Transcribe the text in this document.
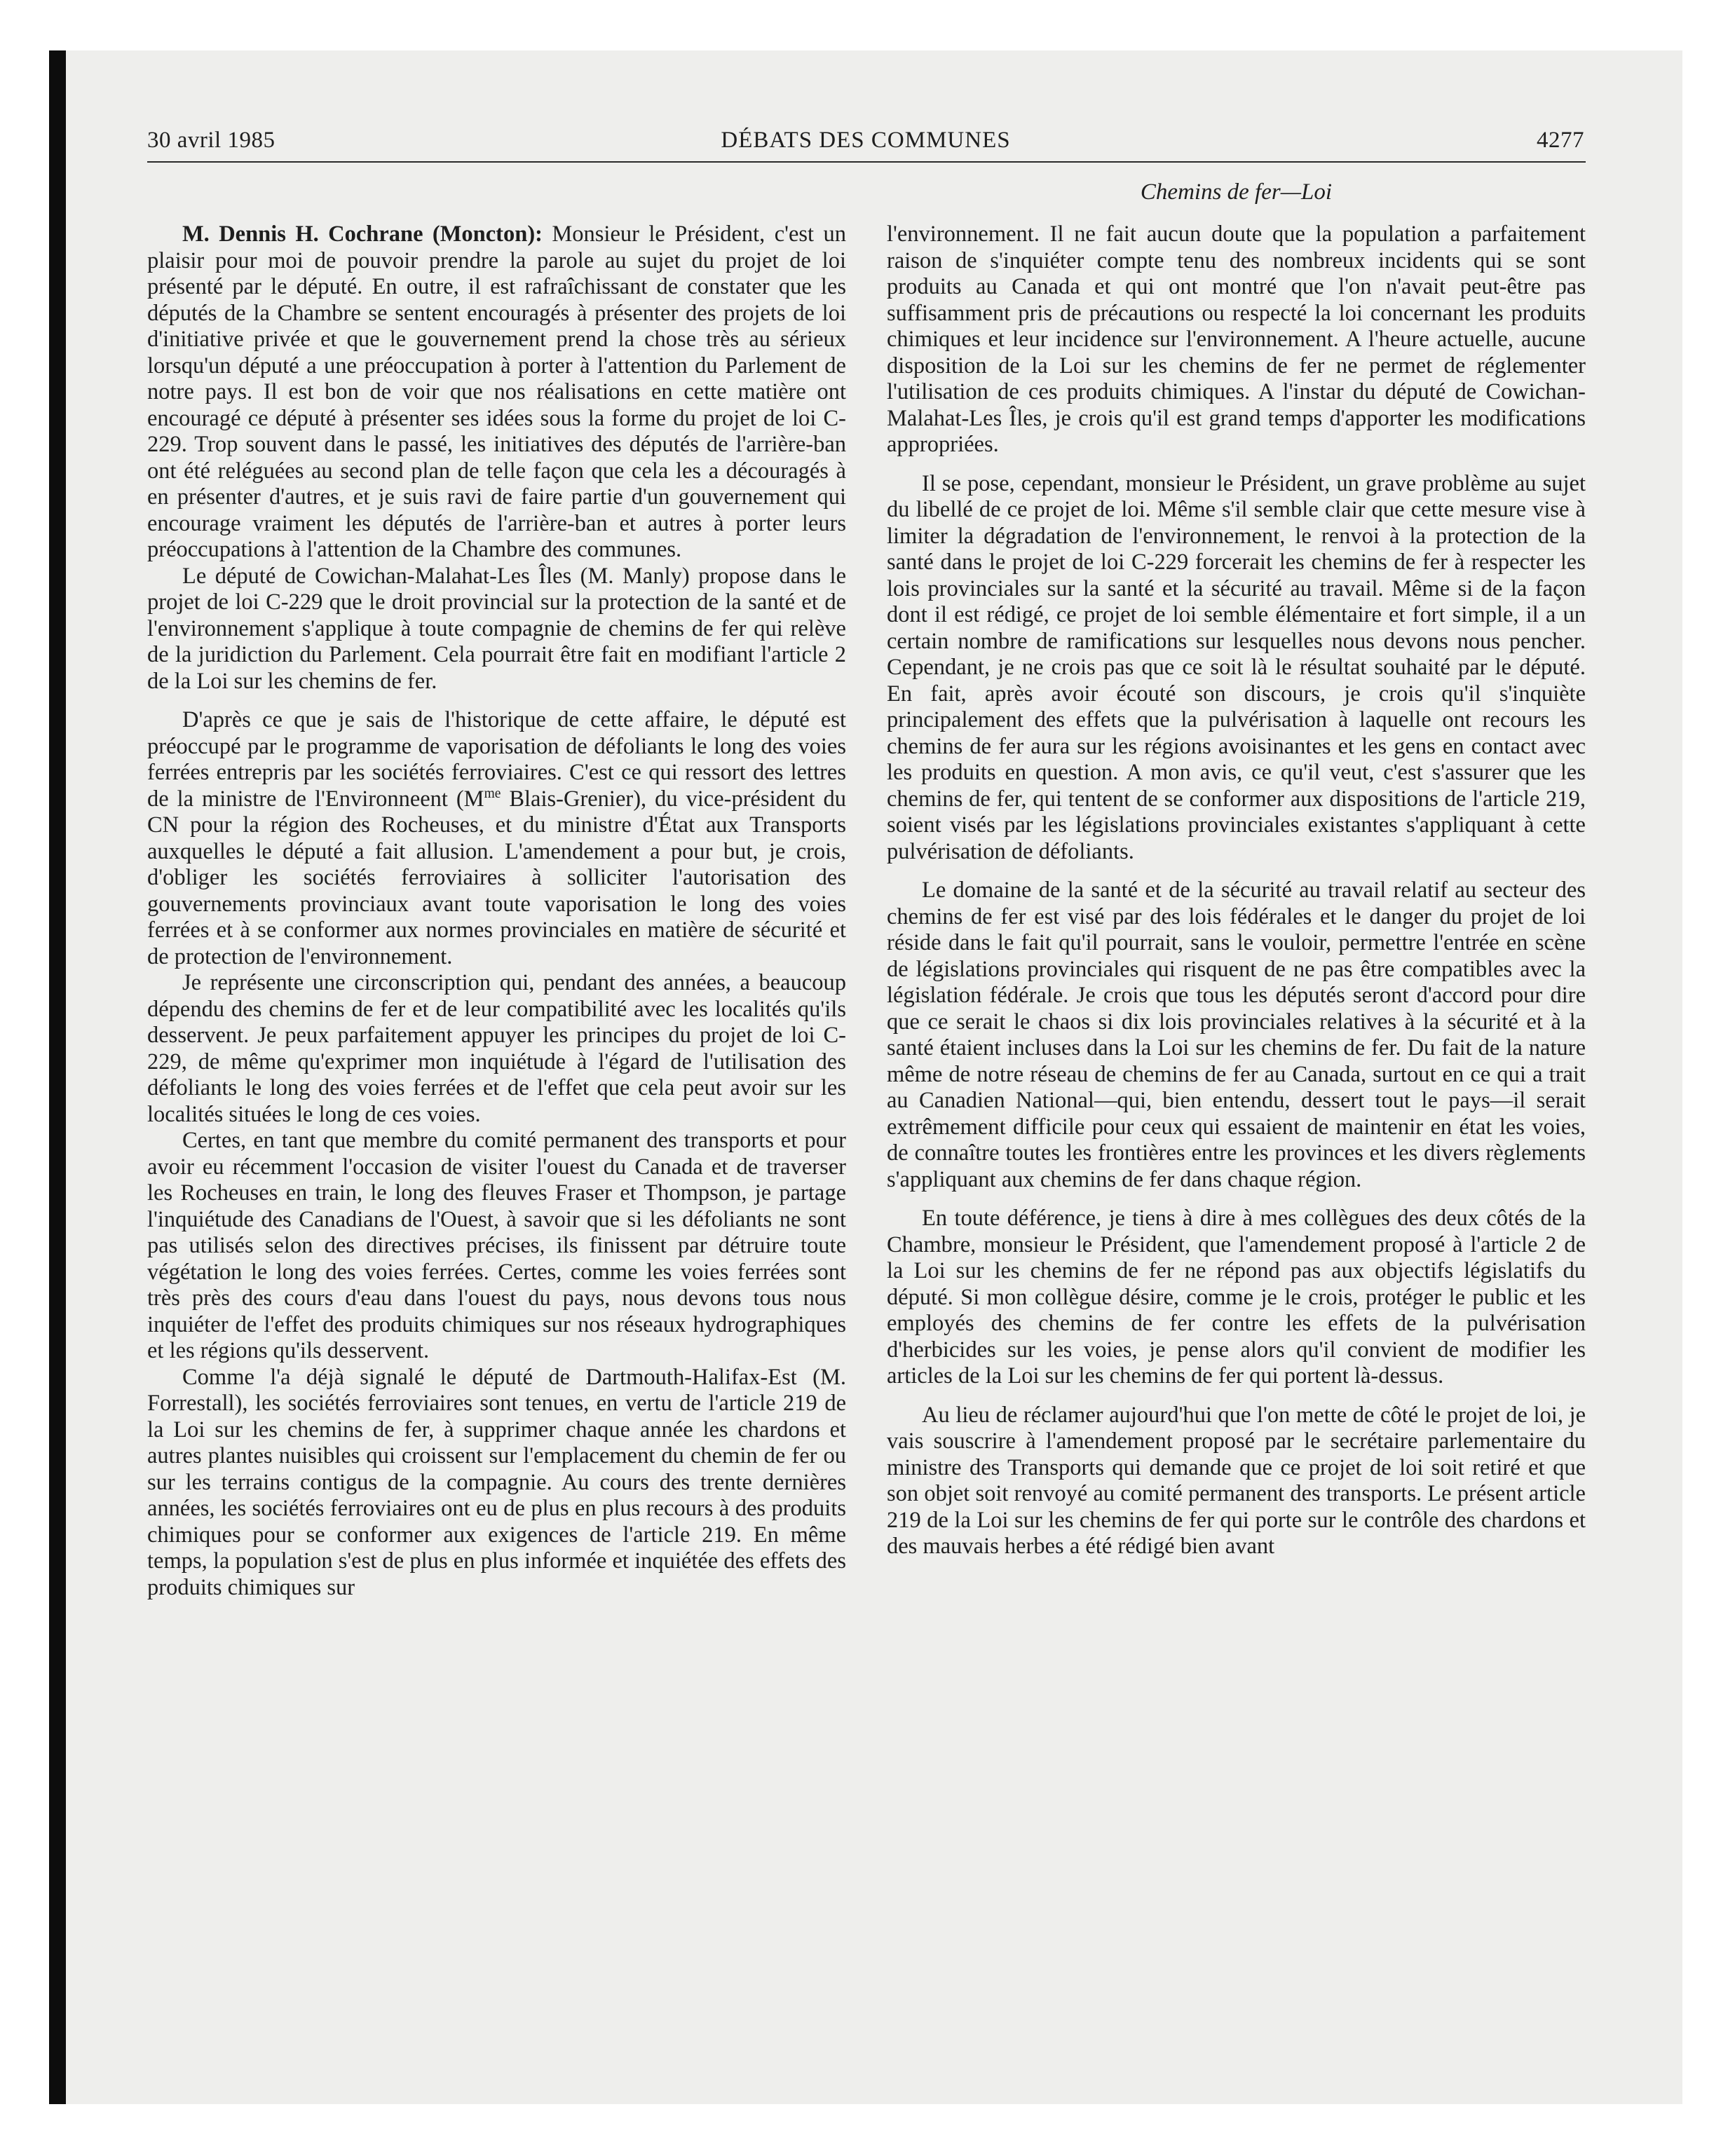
30 avril 1985	DÉBATS DES COMMUNES	4277
Chemins de fer—Loi

M. Dennis H. Cochrane (Moncton): Monsieur le Président, c'est un plaisir pour moi de pouvoir prendre la parole au sujet du projet de loi présenté par le député. En outre, il est rafraîchissant de constater que les députés de la Chambre se sentent encouragés à présenter des projets de loi d'initiative privée et que le gouvernement prend la chose très au sérieux lorsqu'un député a une préoccupation à porter à l'attention du Parlement de notre pays. Il est bon de voir que nos réalisations en cette matière ont encouragé ce député à présenter ses idées sous la forme du projet de loi C-229. Trop souvent dans le passé, les initiatives des députés de l'arrière-ban ont été reléguées au second plan de telle façon que cela les a découragés à en présenter d'autres, et je suis ravi de faire partie d'un gouvernement qui encourage vraiment les députés de l'arrière-ban et autres à porter leurs préoccupations à l'attention de la Chambre des communes.

Le député de Cowichan-Malahat-Les Îles (M. Manly) propose dans le projet de loi C-229 que le droit provincial sur la protection de la santé et de l'environnement s'applique à toute compagnie de chemins de fer qui relève de la juridiction du Parlement. Cela pourrait être fait en modifiant l'article 2 de la Loi sur les chemins de fer.

D'après ce que je sais de l'historique de cette affaire, le député est préoccupé par le programme de vaporisation de défoliants le long des voies ferrées entrepris par les sociétés ferroviaires. C'est ce qui ressort des lettres de la ministre de l'Environneent ($M^{me}$ Blais-Grenier), du vice-président du CN pour la région des Rocheuses, et du ministre d'État aux Transports auxquelles le député a fait allusion. L'amendement a pour but, je crois, d'obliger les sociétés ferroviaires à solliciter l'autorisation des gouvernements provinciaux avant toute vaporisation le long des voies ferrées et à se conformer aux normes provinciales en matière de sécurité et de protection de l'environnement.

Je représente une circonscription qui, pendant des années, a beaucoup dépendu des chemins de fer et de leur compatibilité avec les localités qu'ils desservent. Je peux parfaitement appuyer les principes du projet de loi C-229, de même qu'exprimer mon inquiétude à l'égard de l'utilisation des défoliants le long des voies ferrées et de l'effet que cela peut avoir sur les localités situées le long de ces voies.

Certes, en tant que membre du comité permanent des transports et pour avoir eu récemment l'occasion de visiter l'ouest du Canada et de traverser les Rocheuses en train, le long des fleuves Fraser et Thompson, je partage l'inquiétude des Canadians de l'Ouest, à savoir que si les défoliants ne sont pas utilisés selon des directives précises, ils finissent par détruire toute végétation le long des voies ferrées. Certes, comme les voies ferrées sont très près des cours d'eau dans l'ouest du pays, nous devons tous nous inquiéter de l'effet des produits chimiques sur nos réseaux hydrographiques et les régions qu'ils desservent.

Comme l'a déjà signalé le député de Dartmouth-Halifax-Est (M. Forrestall), les sociétés ferroviaires sont tenues, en vertu de l'article 219 de la Loi sur les chemins de fer, à supprimer chaque année les chardons et autres plantes nuisibles qui croissent sur l'emplacement du chemin de fer ou sur les terrains contigus de la compagnie. Au cours des trente dernières années, les sociétés ferroviaires ont eu de plus en plus recours à des produits chimiques pour se conformer aux exigences de l'article 219. En même temps, la population s'est de plus en plus informée et inquiétée des effets des produits chimiques sur

l'environnement. Il ne fait aucun doute que la population a parfaitement raison de s'inquiéter compte tenu des nombreux incidents qui se sont produits au Canada et qui ont montré que l'on n'avait peut-être pas suffisamment pris de précautions ou respecté la loi concernant les produits chimiques et leur incidence sur l'environnement. A l'heure actuelle, aucune disposition de la Loi sur les chemins de fer ne permet de réglementer l'utilisation de ces produits chimiques. A l'instar du député de Cowichan-Malahat-Les Îles, je crois qu'il est grand temps d'apporter les modifications appropriées.

Il se pose, cependant, monsieur le Président, un grave problème au sujet du libellé de ce projet de loi. Même s'il semble clair que cette mesure vise à limiter la dégradation de l'environnement, le renvoi à la protection de la santé dans le projet de loi C-229 forcerait les chemins de fer à respecter les lois provinciales sur la santé et la sécurité au travail. Même si de la façon dont il est rédigé, ce projet de loi semble élémentaire et fort simple, il a un certain nombre de ramifications sur lesquelles nous devons nous pencher. Cependant, je ne crois pas que ce soit là le résultat souhaité par le député. En fait, après avoir écouté son discours, je crois qu'il s'inquiète principalement des effets que la pulvérisation à laquelle ont recours les chemins de fer aura sur les régions avoisinantes et les gens en contact avec les produits en question. A mon avis, ce qu'il veut, c'est s'assurer que les chemins de fer, qui tentent de se conformer aux dispositions de l'article 219, soient visés par les législations provinciales existantes s'appliquant à cette pulvérisation de défoliants.

Le domaine de la santé et de la sécurité au travail relatif au secteur des chemins de fer est visé par des lois fédérales et le danger du projet de loi réside dans le fait qu'il pourrait, sans le vouloir, permettre l'entrée en scène de législations provinciales qui risquent de ne pas être compatibles avec la législation fédérale. Je crois que tous les députés seront d'accord pour dire que ce serait le chaos si dix lois provinciales relatives à la sécurité et à la santé étaient incluses dans la Loi sur les chemins de fer. Du fait de la nature même de notre réseau de chemins de fer au Canada, surtout en ce qui a trait au Canadien National—qui, bien entendu, dessert tout le pays—il serait extrêmement difficile pour ceux qui essaient de maintenir en état les voies, de connaître toutes les frontières entre les provinces et les divers règlements s'appliquant aux chemins de fer dans chaque région.

En toute déférence, je tiens à dire à mes collègues des deux côtés de la Chambre, monsieur le Président, que l'amendement proposé à l'article 2 de la Loi sur les chemins de fer ne répond pas aux objectifs législatifs du député. Si mon collègue désire, comme je le crois, protéger le public et les employés des chemins de fer contre les effets de la pulvérisation d'herbicides sur les voies, je pense alors qu'il convient de modifier les articles de la Loi sur les chemins de fer qui portent là-dessus.

Au lieu de réclamer aujourd'hui que l'on mette de côté le projet de loi, je vais souscrire à l'amendement proposé par le secrétaire parlementaire du ministre des Transports qui demande que ce projet de loi soit retiré et que son objet soit renvoyé au comité permanent des transports. Le présent article 219 de la Loi sur les chemins de fer qui porte sur le contrôle des chardons et des mauvais herbes a été rédigé bien avant
